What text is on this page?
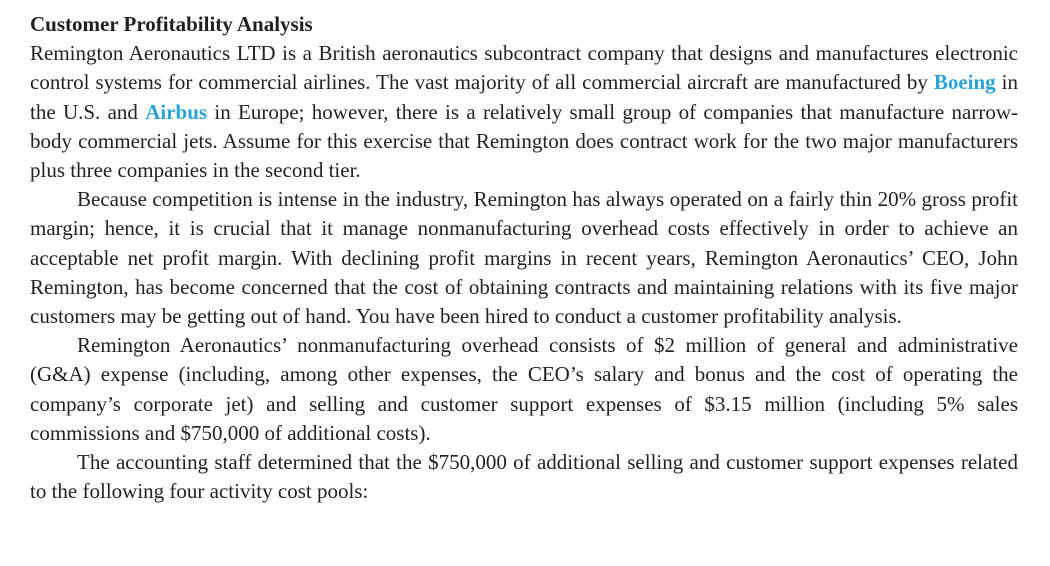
Customer Profitability Analysis

Remington Aeronautics LTD is a British aeronautics subcontract company that designs and manufactures electronic control systems for commercial airlines. The vast majority of all commercial aircraft are manufactured by Boeing in the U.S. and Airbus in Europe; however, there is a relatively small group of companies that manufacture narrow-body commercial jets. Assume for this exercise that Remington does contract work for the two major manufacturers plus three companies in the second tier.

Because competition is intense in the industry, Remington has always operated on a fairly thin 20% gross profit margin; hence, it is crucial that it manage nonmanufacturing overhead costs effectively in order to achieve an acceptable net profit margin. With declining profit margins in recent years, Remington Aeronautics’ CEO, John Remington, has become concerned that the cost of obtaining contracts and maintaining relations with its five major customers may be getting out of hand. You have been hired to conduct a customer profitability analysis.

Remington Aeronautics’ nonmanufacturing overhead consists of $2 million of general and administrative (G&A) expense (including, among other expenses, the CEO’s salary and bonus and the cost of operating the company’s corporate jet) and selling and customer support expenses of $3.15 million (including 5% sales commissions and $750,000 of additional costs).

The accounting staff determined that the $750,000 of additional selling and customer support expenses related to the following four activity cost pools:
